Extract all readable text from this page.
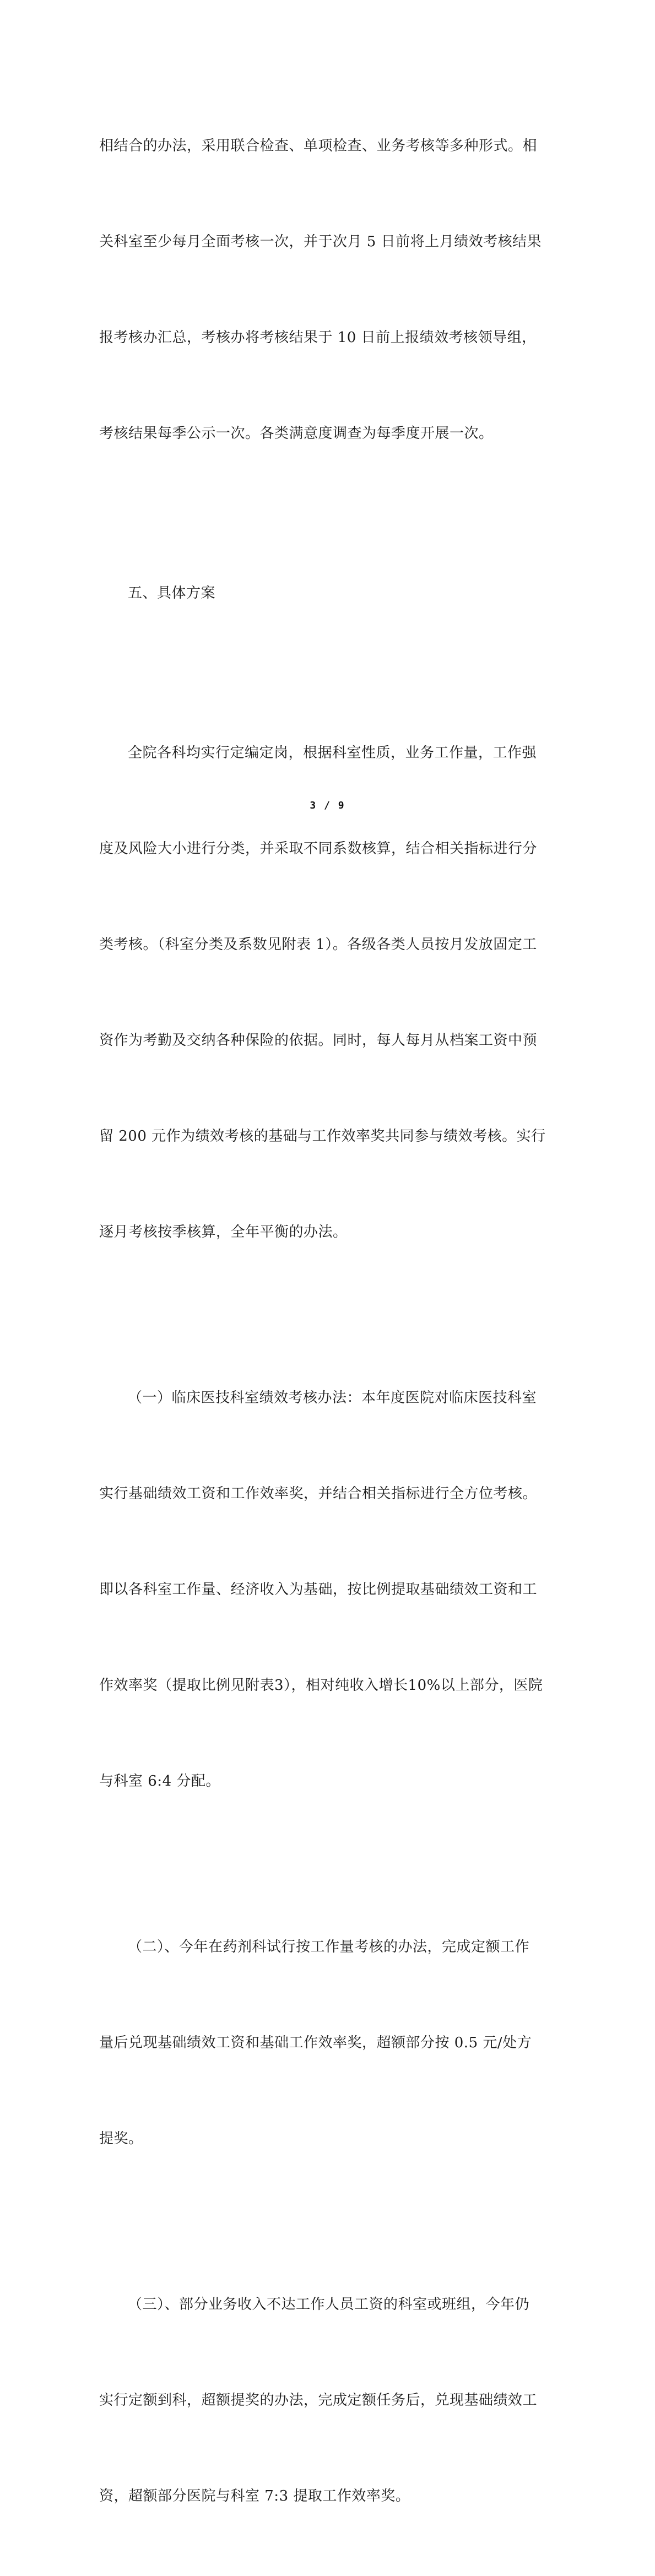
相结合的办法，采用联合检查、单项检查、业务考核等多种形式。相

关科室至少每月全面考核一次，并于次月 5 日前将上月绩效考核结果

报考核办汇总，考核办将考核结果于 10 日前上报绩效考核领导组，

考核结果每季公示一次。各类满意度调查为每季度开展一次。

五、具体方案

全院各科均实行定编定岗，根据科室性质，业务工作量，工作强

度及风险大小进行分类，并采取不同系数核算，结合相关指标进行分

类考核。（科室分类及系数见附表 1）。各级各类人员按月发放固定工

资作为考勤及交纳各种保险的依据。同时，每人每月从档案工资中预

留 200 元作为绩效考核的基础与工作效率奖共同参与绩效考核。实行

逐月考核按季核算，全年平衡的办法。

（一）临床医技科室绩效考核办法：本年度医院对临床医技科室

实行基础绩效工资和工作效率奖，并结合相关指标进行全方位考核。

即以各科室工作量、经济收入为基础，按比例提取基础绩效工资和工

作效率奖（提取比例见附表3），相对纯收入增长10%以上部分，医院

与科室 6:4 分配。

（二）、今年在药剂科试行按工作量考核的办法，完成定额工作

量后兑现基础绩效工资和基础工作效率奖，超额部分按 0.5 元/处方

提奖。

（三）、部分业务收入不达工作人员工资的科室或班组，今年仍

实行定额到科，超额提奖的办法，完成定额任务后，兑现基础绩效工

资，超额部分医院与科室 7:3 提取工作效率奖。

3 / 9
